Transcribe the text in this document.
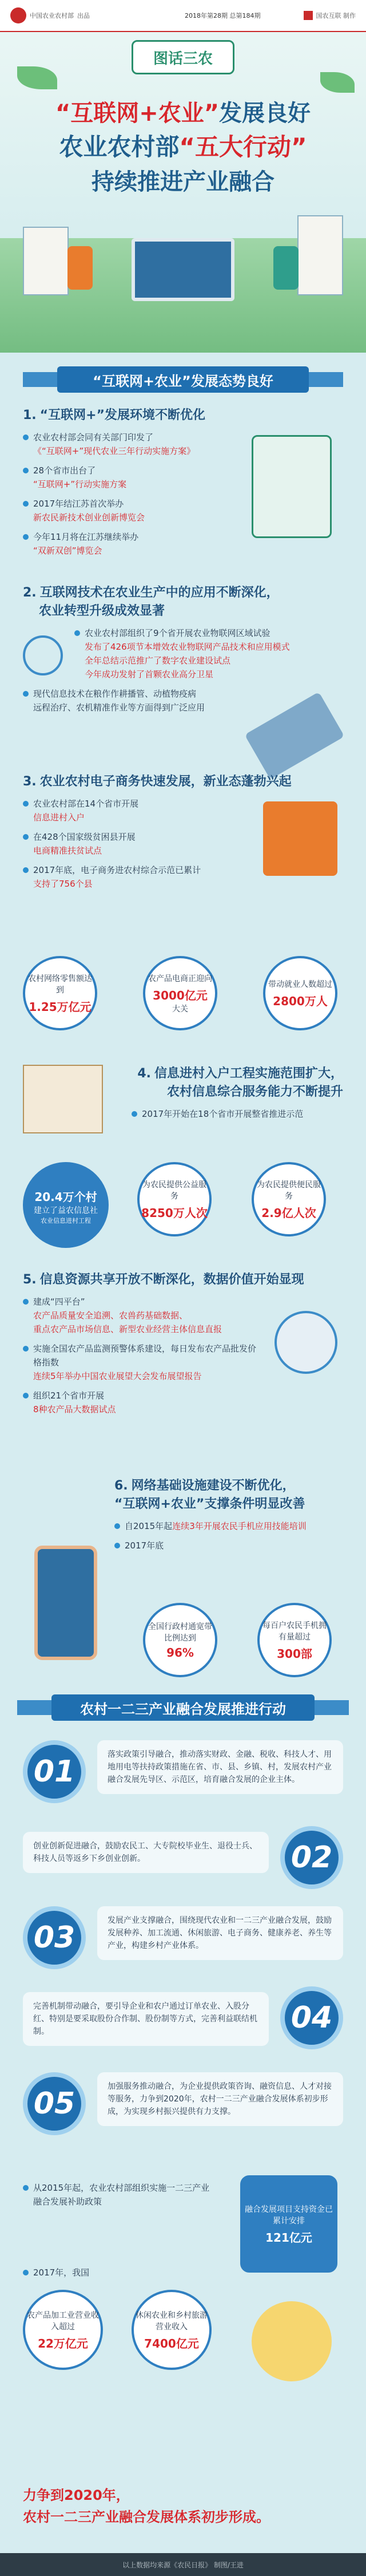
中国农业农村部 出品	2018年第28期 总第184期	国农互联 制作
图话三农
“互联网+农业”发展良好
农业农村部“五大行动”
持续推进产业融合
“互联网+农业”发展态势良好
1. “互联网+”发展环境不断优化
农业农村部会同有关部门印发了
《“互联网+”现代农业三年行动实施方案》
28个省市出台了
“互联网+”行动实施方案
2017年结江苏首次举办
新农民新技术创业创新博览会
今年11月将在江苏继续举办
“双新双创”博览会
2. 互联网技术在农业生产中的应用不断深化，
农业转型升级成效显著
农业农村部组织了9个省开展农业物联网区域试验
发布了426项节本增效农业物联网产品技术和应用模式
全年总结示范推广了数字农业建设试点
今年成功发射了首颗农业高分卫星
现代信息技术在粮作作耕播管、动植物疫病
远程治疗、农机精准作业等方面得到广泛应用
3. 农业农村电子商务快速发展，新业态蓬勃兴起
农业农村部在14个省市开展
信息进村入户
在428个国家级贫困县开展
电商精准扶贫试点
2017年底，电子商务进农村综合示范已累计
支持了756个县
农村网络零售额达到
1.25万亿元
农产品电商正迎向
3000亿元
大关
带动就业人数超过
2800万人
4. 信息进村入户工程实施范围扩大，
农村信息综合服务能力不断提升
2017年开始在18个省市开展整省推进示范
20.4万个村
建立了益农信息社
农业信息进村工程
为农民提供公益服务
8250万人次
为农民提供便民服务
2.9亿人次
5. 信息资源共享开放不断深化，数据价值开始显现
建成“四平台”
农产品质量安全追溯、农兽药基础数据、
重点农产品市场信息、新型农业经营主体信息直报
实施全国农产品监测预警体系建设，每日发布农产品批发价格指数
连续5年举办中国农业展望大会发布展望报告
组织21个省市开展
8种农产品大数据试点
6. 网络基础设施建设不断优化，
“互联网+农业”支撑条件明显改善
自2015年起连续3年开展农民手机应用技能培训
2017年底
全国行政村通宽带比例达到
96%
每百户农民手机拥有量超过
300部
农村一二三产业融合发展推进行动
01	落实政策引导融合，推动落实财政、金融、税收、科技人才、用地用电等扶持政策措施在省、市、县、乡镇、村，发展农村产业融合发展先导区、示范区，培育融合发展的企业主体。
创业创新促进融合，鼓励农民工、大专院校毕业生、退役士兵、科技人员等返乡下乡创业创新。	02
03	发展产业支撑融合，围绕现代农业和一二三产业融合发展，鼓励发展种养、加工流通、休闲旅游、电子商务、健康养老、养生等产业，构建乡村产业体系。
完善机制带动融合，要引导企业和农户通过订单农业、入股分红、特别是要采取股份合作制、股份制等方式，完善利益联结机制。	04
05	加强服务推动融合，为企业提供政策咨询、融资信息、人才对接等服务，力争到2020年，农村一二三产业融合发展体系初步形成，为实现乡村振兴提供有力支撑。
从2015年起，农业农村部组织实施一二三产业融合发展补助政策
融合发展项目支持资金已累计安排
121亿元
2017年，我国
农产品加工业营业收入超过
22万亿元
休闲农业和乡村旅游营业收入
7400亿元
力争到2020年，
农村一二三产业融合发展体系初步形成。
以上数据均来源《农民日报》 制图/王进
